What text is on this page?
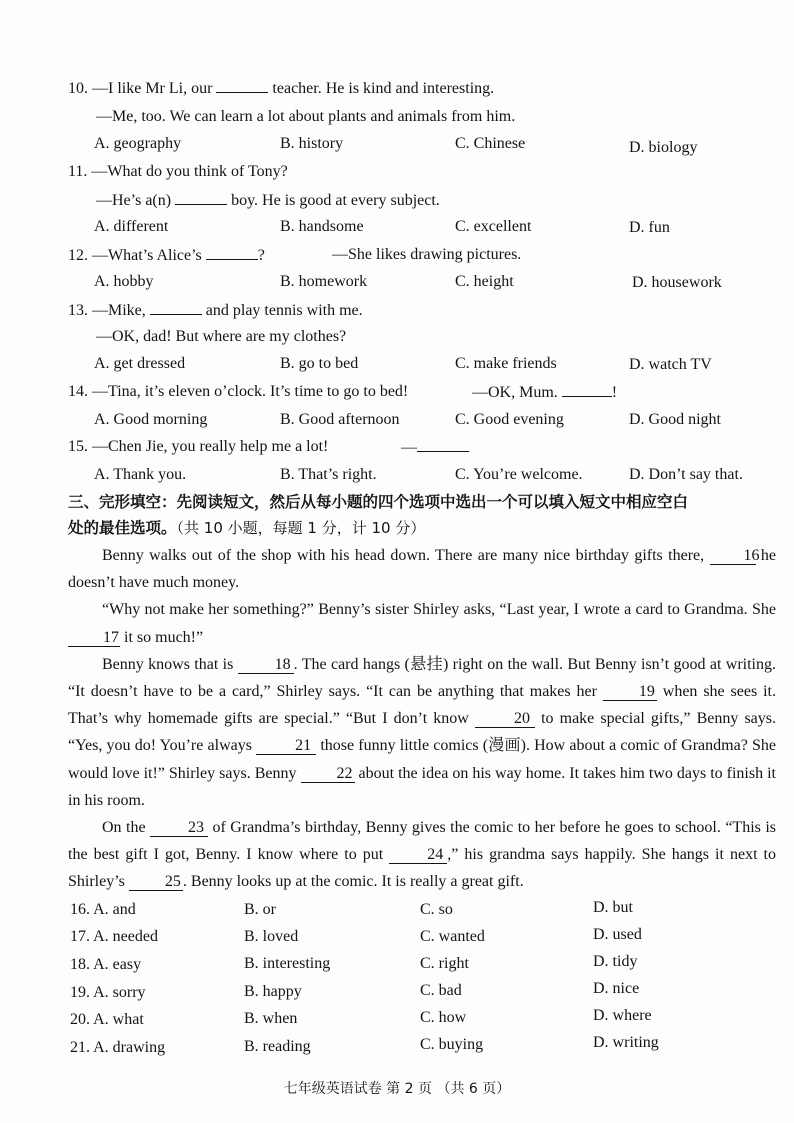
10. —I like Mr Li, our	teacher. He is kind and interesting.
—Me, too. We can learn a lot about plants and animals from him.
A. geography	B. history	C. Chinese	D. biology
11. —What do you think of Tony?
—He’s a(n)	boy. He is good at every subject.
A. different	B. handsome	C. excellent	D. fun
12. —What’s Alice’s	?	—She likes drawing pictures.
A. hobby	B. homework	C. height	D. housework
13. —Mike,	and play tennis with me.
—OK, dad! But where are my clothes?
A. get dressed	B. go to bed	C. make friends	D. watch TV
14. —Tina, it’s eleven o’clock. It’s time to go to bed!	—OK, Mum.	!
A. Good morning	B. Good afternoon	C. Good evening	D. Good night
15. —Chen Jie, you really help me a lot!	—
A. Thank you.	B. That’s right.	C. You’re welcome.	D. Don’t say that.
三、完形填空：先阅读短文，然后从每小题的四个选项中选出一个可以填入短文中相应空白
处的最佳选项。（共 10 小题，每题 1 分，计 10 分）

Benny walks out of the shop with his head down. There are many nice birthday gifts there, 16 he doesn’t have much money.

“Why not make her something?” Benny’s sister Shirley asks, “Last year, I wrote a card to Grandma. She 17 it so much!”

Benny knows that is 18 . The card hangs (悬挂) right on the wall. But Benny isn’t good at writing. “It doesn’t have to be a card,” Shirley says. “It can be anything that makes her 19 when she sees it. That’s why homemade gifts are special.” “But I don’t know 20 to make special gifts,” Benny says. “Yes, you do! You’re always 21 those funny little comics (漫画). How about a comic of Grandma? She would love it!” Shirley says. Benny 22 about the idea on his way home. It takes him two days to finish it in his room.

On the 23 of Grandma’s birthday, Benny gives the comic to her before he goes to school. “This is the best gift I got, Benny. I know where to put 24 ,” his grandma says happily. She hangs it next to Shirley’s 25 . Benny looks up at the comic. It is really a great gift.

16. A. and	B. or	C. so	D. but
17. A. needed	B. loved	C. wanted	D. used
18. A. easy	B. interesting	C. right	D. tidy
19. A. sorry	B. happy	C. bad	D. nice
20. A. what	B. when	C. how	D. where
21. A. drawing	B. reading	C. buying	D. writing
七年级英语试卷 第 2 页 （共 6 页）
